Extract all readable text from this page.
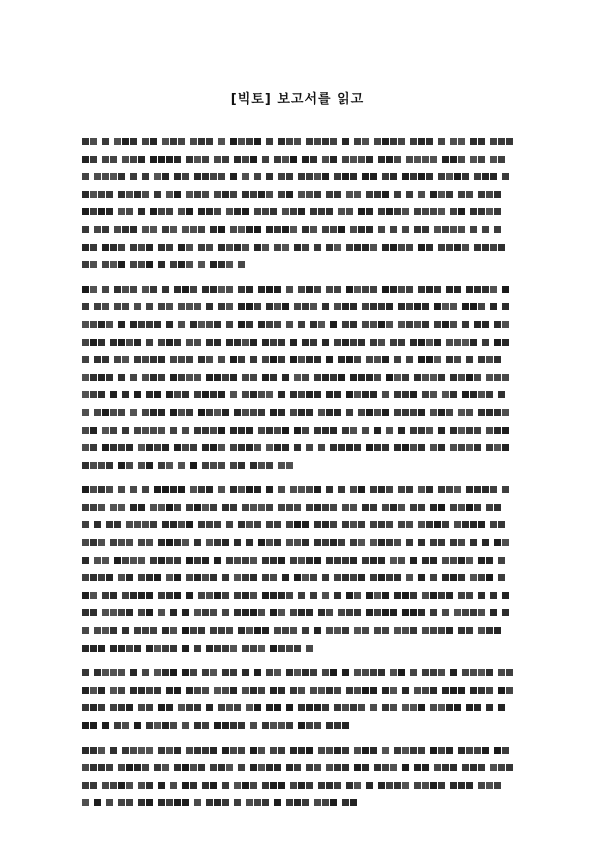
[빅토] 보고서를 읽고
